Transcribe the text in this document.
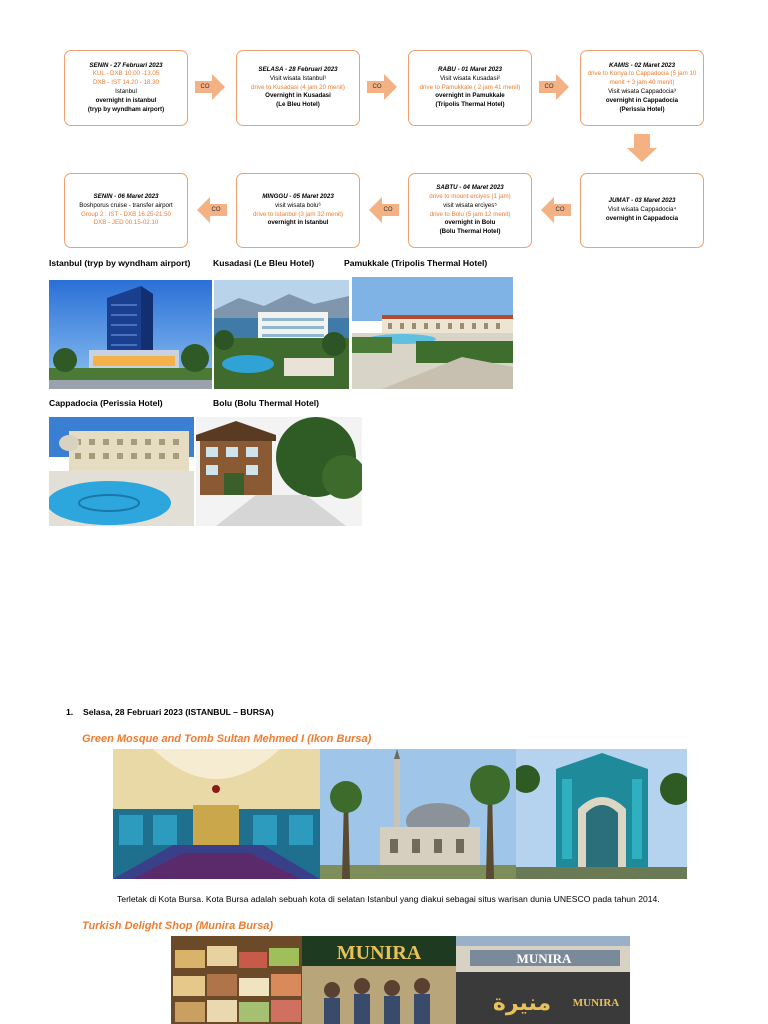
SENIN - 27 Februari 2023
KUL - DXB 10.00 -13.05
DXB - IST 14.20 - 18.30
Istanbul
overnight in istanbul
(tryp by wyndham airport)
SELASA - 28 Februari 2023
Visit wisata Istanbul¹
drive to Kusadasi (4 jam 20 menit)
Overnight in Kusadasi
(Le Bleu Hotel)
RABU - 01 Maret 2023
Visit wisata Kusadasi²
drive to Pamukkale ( 2 jam 41 menit)
overnight in Pamukkale
(Tripolis Thermal Hotel)
KAMIS - 02 Maret 2023
drive to Konya to Cappadocia (5 jam 10 menit + 3 jam 40 menit)
Visit wisata Cappadocia³
overnight in Cappadocia
(Perissia Hotel)
JUMAT - 03 Maret 2023
Visit wisata Cappadocia⁴
overnight in Cappadocia
SABTU - 04 Maret 2023
drive to mount erciyes (1 jam)
visit wisata erciyes⁵
drive to Bolu (5 jam 12 menit)
overnight in Bolu
(Bolu Thermal Hotel)
MINGGU - 05 Maret 2023
visit wisata bolu⁶
drive to Istanbul (3 jam 32 menit)
overnight in Istanbul
SENIN - 06 Maret 2023
Boshporus cruise - transfer airport
Group 2 : IST - DXB 16.25-21.50
DXB - JED 00.15-02.10
CO	CO	CO
CO
CO
CO
Istanbul (tryp by wyndham airport)	Kusadasi (Le Bleu Hotel)	Pamukkale (Tripolis Thermal Hotel)
Cappadocia (Perissia Hotel)	Bolu (Bolu Thermal Hotel)
1. Selasa, 28 Februari 2023 (ISTANBUL – BURSA)
Green Mosque and Tomb Sultan Mehmed I (Ikon Bursa)
Terletak di Kota Bursa. Kota Bursa adalah sebuah kota di selatan Istanbul yang diakui sebagai situs warisan dunia UNESCO pada tahun 2014.
Turkish Delight Shop (Munira Bursa)
MUNIRA	MUNIRA
منيرة MUNIRA
